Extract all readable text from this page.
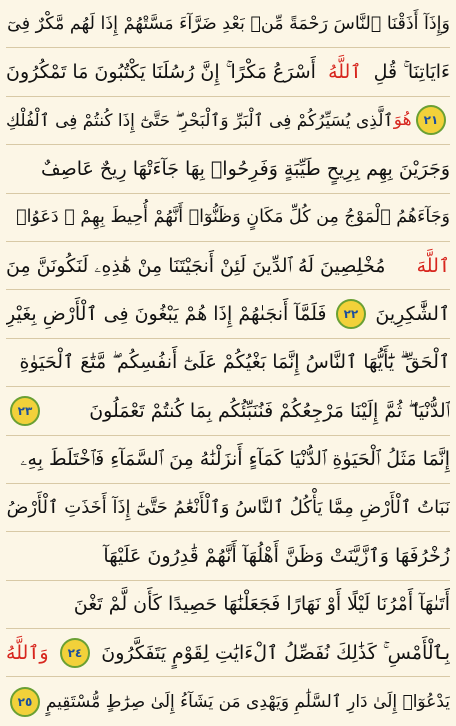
وَإِذَآ أَذَقْنَا ٱلنَّاسَ رَحْمَةً مِّنۢ بَعْدِ ضَرَّآءَ مَسَّتْهُمْ إِذَا لَهُم مَّكْرٌ فِىٓ
ءَايَاتِنَا ۚ قُلِ
ٱللَّهُ
أَسْرَعُ مَكْرًا ۚ إِنَّ رُسُلَنَا يَكْتُبُونَ مَا تَمْكُرُونَ
٢١
هُوَ
ٱلَّذِى يُسَيِّرُكُمْ فِى ٱلْبَرِّ وَٱلْبَحْرِ ۖ حَتَّىٰٓ إِذَا كُنتُمْ فِى ٱلْفُلْكِ
وَجَرَيْنَ بِهِم بِرِيحٍ طَيِّبَةٍ وَفَرِحُوا۟ بِهَا جَآءَتْهَا رِيحٌ عَاصِفٌ
وَجَآءَهُمُ ٱلْمَوْجُ مِن كُلِّ مَكَانٍ وَظَنُّوٓا۟ أَنَّهُمْ أُحِيطَ بِهِمْ ۙ دَعَوُا۟
ٱللَّهَ
مُخْلِصِينَ لَهُ ٱلدِّينَ لَئِنْ أَنجَيْتَنَا مِنْ هَٰذِهِۦ لَنَكُونَنَّ مِنَ
ٱلشَّٰكِرِينَ
٢٢
فَلَمَّآ أَنجَىٰهُمْ إِذَا هُمْ يَبْغُونَ فِى ٱلْأَرْضِ بِغَيْرِ
ٱلْحَقِّ ۗ يَٰٓأَيُّهَا ٱلنَّاسُ إِنَّمَا بَغْيُكُمْ عَلَىٰٓ أَنفُسِكُم ۖ مَّتَٰعَ ٱلْحَيَوٰةِ
ٱلدُّنْيَا ۖ ثُمَّ إِلَيْنَا مَرْجِعُكُمْ فَنُنَبِّئُكُم بِمَا كُنتُمْ تَعْمَلُونَ
٢٣
إِنَّمَا مَثَلُ ٱلْحَيَوٰةِ ٱلدُّنْيَا كَمَآءٍ أَنزَلْنَٰهُ مِنَ ٱلسَّمَآءِ فَٱخْتَلَطَ بِهِۦ
نَبَاتُ ٱلْأَرْضِ مِمَّا يَأْكُلُ ٱلنَّاسُ وَٱلْأَنْعَٰمُ حَتَّىٰٓ إِذَآ أَخَذَتِ ٱلْأَرْضُ
زُخْرُفَهَا وَٱزَّيَّنَتْ وَظَنَّ أَهْلُهَآ أَنَّهُمْ قَٰدِرُونَ عَلَيْهَآ
أَتَىٰهَآ أَمْرُنَا لَيْلًا أَوْ نَهَارًا فَجَعَلْنَٰهَا حَصِيدًا كَأَن لَّمْ تَغْنَ
بِٱلْأَمْسِ ۚ كَذَٰلِكَ نُفَصِّلُ ٱلْءَايَٰتِ لِقَوْمٍ يَتَفَكَّرُونَ
٢٤
وَٱللَّهُ
يَدْعُوٓا۟ إِلَىٰ دَارِ ٱلسَّلَٰمِ وَيَهْدِى مَن يَشَآءُ إِلَىٰ صِرَٰطٍ مُّسْتَقِيمٍ
٢٥
